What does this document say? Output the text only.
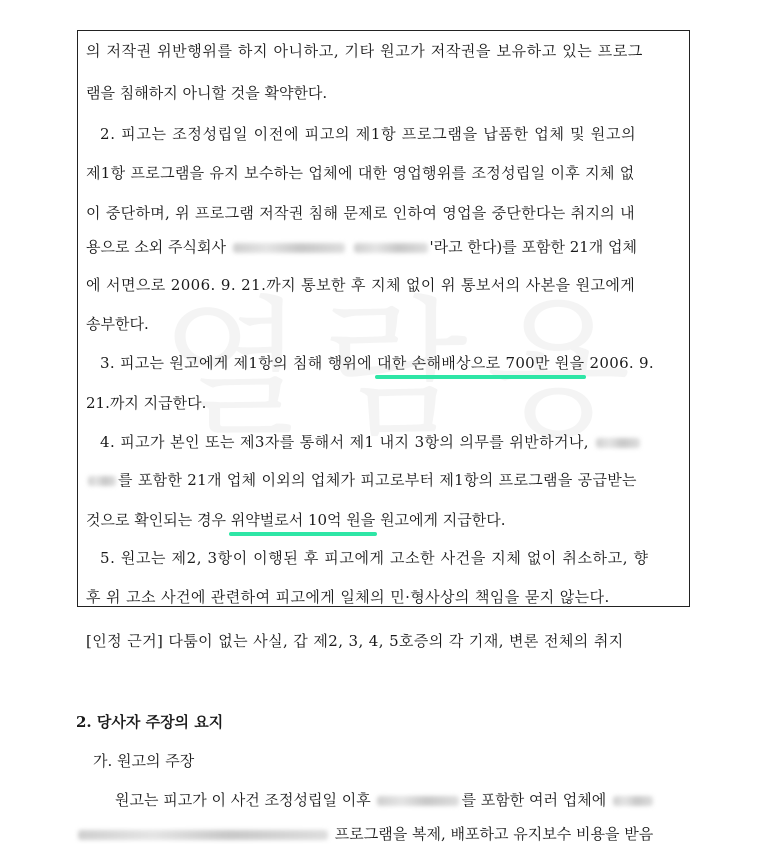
의 저작권 위반행위를 하지 아니하고, 기타 원고가 저작권을 보유하고 있는 프로그
램을 침해하지 아니할 것을 확약한다.
2. 피고는 조정성립일 이전에 피고의 제1항 프로그램을 납품한 업체 및 원고의
제1항 프로그램을 유지 보수하는 업체에 대한 영업행위를 조정성립일 이후 지체 없
이 중단하며, 위 프로그램 저작권 침해 문제로 인하여 영업을 중단한다는 취지의 내
용으로 소외 주식회사	'라고 한다)를 포함한 21개 업체
에 서면으로 2006. 9. 21.까지 통보한 후 지체 없이 위 통보서의 사본을 원고에게
송부한다.
3. 피고는 원고에게 제1항의 침해 행위에 대한 손해배상으로 700만 원을 2006. 9.
21.까지 지급한다.
4. 피고가 본인 또는 제3자를 통해서 제1 내지 3항의 의무를 위반하거나,
를 포함한 21개 업체 이외의 업체가 피고로부터 제1항의 프로그램을 공급받는
것으로 확인되는 경우 위약벌로서 10억 원을 원고에게 지급한다.
5. 원고는 제2, 3항이 이행된 후 피고에게 고소한 사건을 지체 없이 취소하고, 향
후 위 고소 사건에 관련하여 피고에게 일체의 민·형사상의 책임을 묻지 않는다.
[인정 근거] 다툼이 없는 사실, 갑 제2, 3, 4, 5호증의 각 기재, 변론 전체의 취지
2. 당사자 주장의 요지
가. 원고의 주장
원고는 피고가 이 사건 조정성립일 이후	를 포함한 여러 업체에
프로그램을 복제, 배포하고 유지보수 비용을 받음
